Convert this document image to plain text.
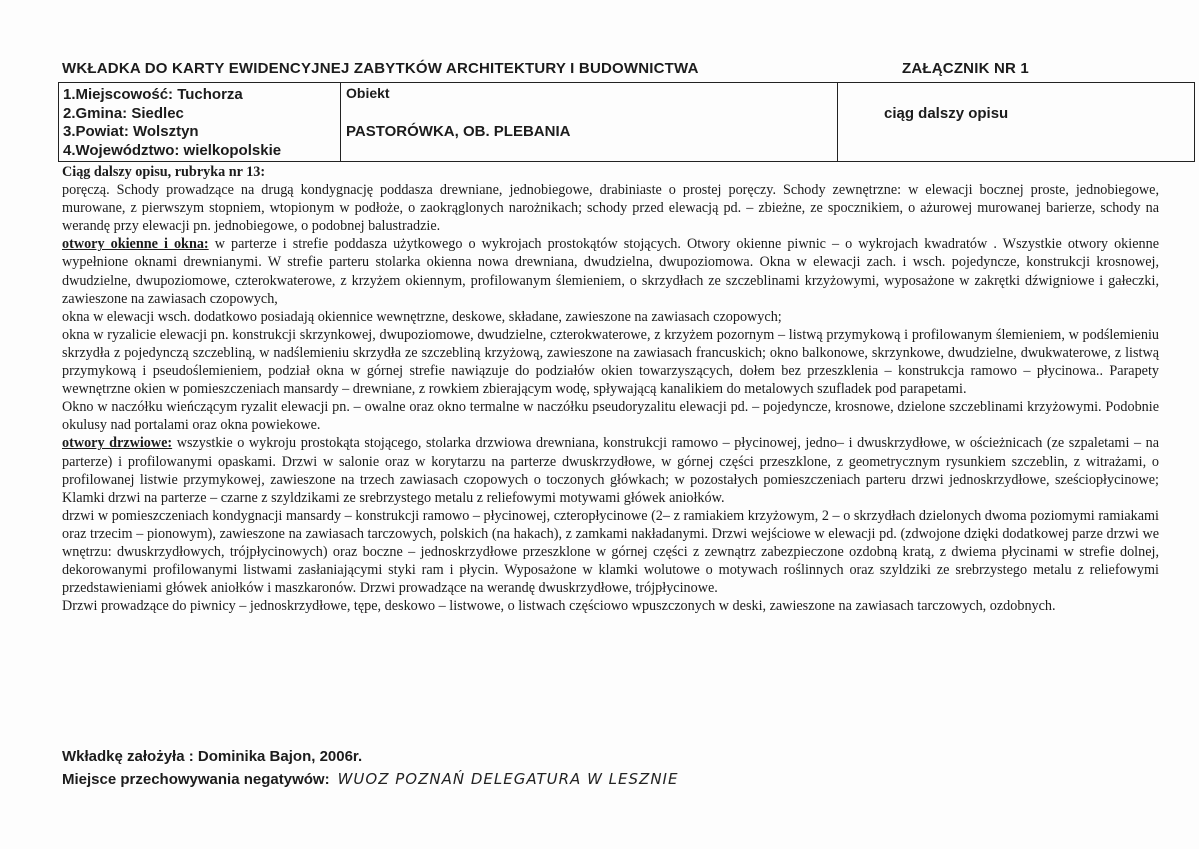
WKŁADKA DO KARTY EWIDENCYJNEJ ZABYTKÓW ARCHITEKTURY I BUDOWNICTWA	ZAŁĄCZNIK NR 1
1.Miejscowość: Tuchorza
2.Gmina: Siedlec
3.Powiat: Wolsztyn
4.Województwo: wielkopolskie
Obiekt
PASTORÓWKA, OB. PLEBANIA
ciąg dalszy opisu

Ciąg dalszy opisu, rubryka nr 13:

poręczą. Schody prowadzące na drugą kondygnację poddasza drewniane, jednobiegowe, drabiniaste o prostej poręczy. Schody zewnętrzne: w elewacji bocznej proste, jednobiegowe, murowane, z pierwszym stopniem, wtopionym w podłoże, o zaokrąglonych narożnikach; schody przed elewacją pd. – zbieżne, ze spocznikiem, o ażurowej murowanej barierze, schody na werandę przy elewacji pn. jednobiegowe, o podobnej balustradzie.

otwory okienne i okna: w parterze i strefie poddasza użytkowego o wykrojach prostokątów stojących. Otwory okienne piwnic – o wykrojach kwadratów . Wszystkie otwory okienne wypełnione oknami drewnianymi. W strefie parteru stolarka okienna nowa drewniana, dwudzielna, dwupoziomowa. Okna w elewacji zach. i wsch. pojedyncze, konstrukcji krosnowej, dwudzielne, dwupoziomowe, czterokwaterowe, z krzyżem okiennym, profilowanym ślemieniem, o skrzydłach ze szczeblinami krzyżowymi, wyposażone w zakrętki dźwigniowe i gałeczki, zawieszone na zawiasach czopowych,

okna w elewacji wsch. dodatkowo posiadają okiennice wewnętrzne, deskowe, składane, zawieszone na zawiasach czopowych;

okna w ryzalicie elewacji pn. konstrukcji skrzynkowej, dwupoziomowe, dwudzielne, czterokwaterowe, z krzyżem pozornym – listwą przymykową i profilowanym ślemieniem, w podślemieniu skrzydła z pojedynczą szczebliną, w nadślemieniu skrzydła ze szczebliną krzyżową, zawieszone na zawiasach francuskich; okno balkonowe, skrzynkowe, dwudzielne, dwukwaterowe, z listwą przymykową i pseudoślemieniem, podział okna w górnej strefie nawiązuje do podziałów okien towarzyszących, dołem bez przeszklenia – konstrukcja ramowo – płycinowa.. Parapety wewnętrzne okien w pomieszczeniach mansardy – drewniane, z rowkiem zbierającym wodę, spływającą kanalikiem do metalowych szufladek pod parapetami.

Okno w naczółku wieńczącym ryzalit elewacji pn. – owalne oraz okno termalne w naczółku pseudoryzalitu elewacji pd. – pojedyncze, krosnowe, dzielone szczeblinami krzyżowymi. Podobnie okulusy nad portalami oraz okna powiekowe.

otwory drzwiowe: wszystkie o wykroju prostokąta stojącego, stolarka drzwiowa drewniana, konstrukcji ramowo – płycinowej, jedno– i dwuskrzydłowe, w ościeżnicach (ze szpaletami – na parterze) i profilowanymi opaskami. Drzwi w salonie oraz w korytarzu na parterze dwuskrzydłowe, w górnej części przeszklone, z geometrycznym rysunkiem szczeblin, z witrażami, o profilowanej listwie przymykowej, zawieszone na trzech zawiasach czopowych o toczonych główkach; w pozostałych pomieszczeniach parteru drzwi jednoskrzydłowe, sześciopłycinowe; Klamki drzwi na parterze – czarne z szyldzikami ze srebrzystego metalu z reliefowymi motywami główek aniołków.

drzwi w pomieszczeniach kondygnacji mansardy – konstrukcji ramowo – płycinowej, czteropłycinowe (2– z ramiakiem krzyżowym, 2 – o skrzydłach dzielonych dwoma poziomymi ramiakami oraz trzecim – pionowym), zawieszone na zawiasach tarczowych, polskich (na hakach), z zamkami nakładanymi. Drzwi wejściowe w elewacji pd. (zdwojone dzięki dodatkowej parze drzwi we wnętrzu: dwuskrzydłowych, trójpłycinowych) oraz boczne – jednoskrzydłowe przeszklone w górnej części z zewnątrz zabezpieczone ozdobną kratą, z dwiema płycinami w strefie dolnej, dekorowanymi profilowanymi listwami zasłaniającymi styki ram i płycin. Wyposażone w klamki wolutowe o motywach roślinnych oraz szyldziki ze srebrzystego metalu z reliefowymi przedstawieniami główek aniołków i maszkaronów. Drzwi prowadzące na werandę dwuskrzydłowe, trójpłycinowe.

Drzwi prowadzące do piwnicy – jednoskrzydłowe, tępe, deskowo – listwowe, o listwach częściowo wpuszczonych w deski, zawieszone na zawiasach tarczowych, ozdobnych.

Wkładkę założyła : Dominika Bajon, 2006r.
Miejsce przechowywania negatywów: WUOZ POZNAŃ DELEGATURA W LESZNIE
